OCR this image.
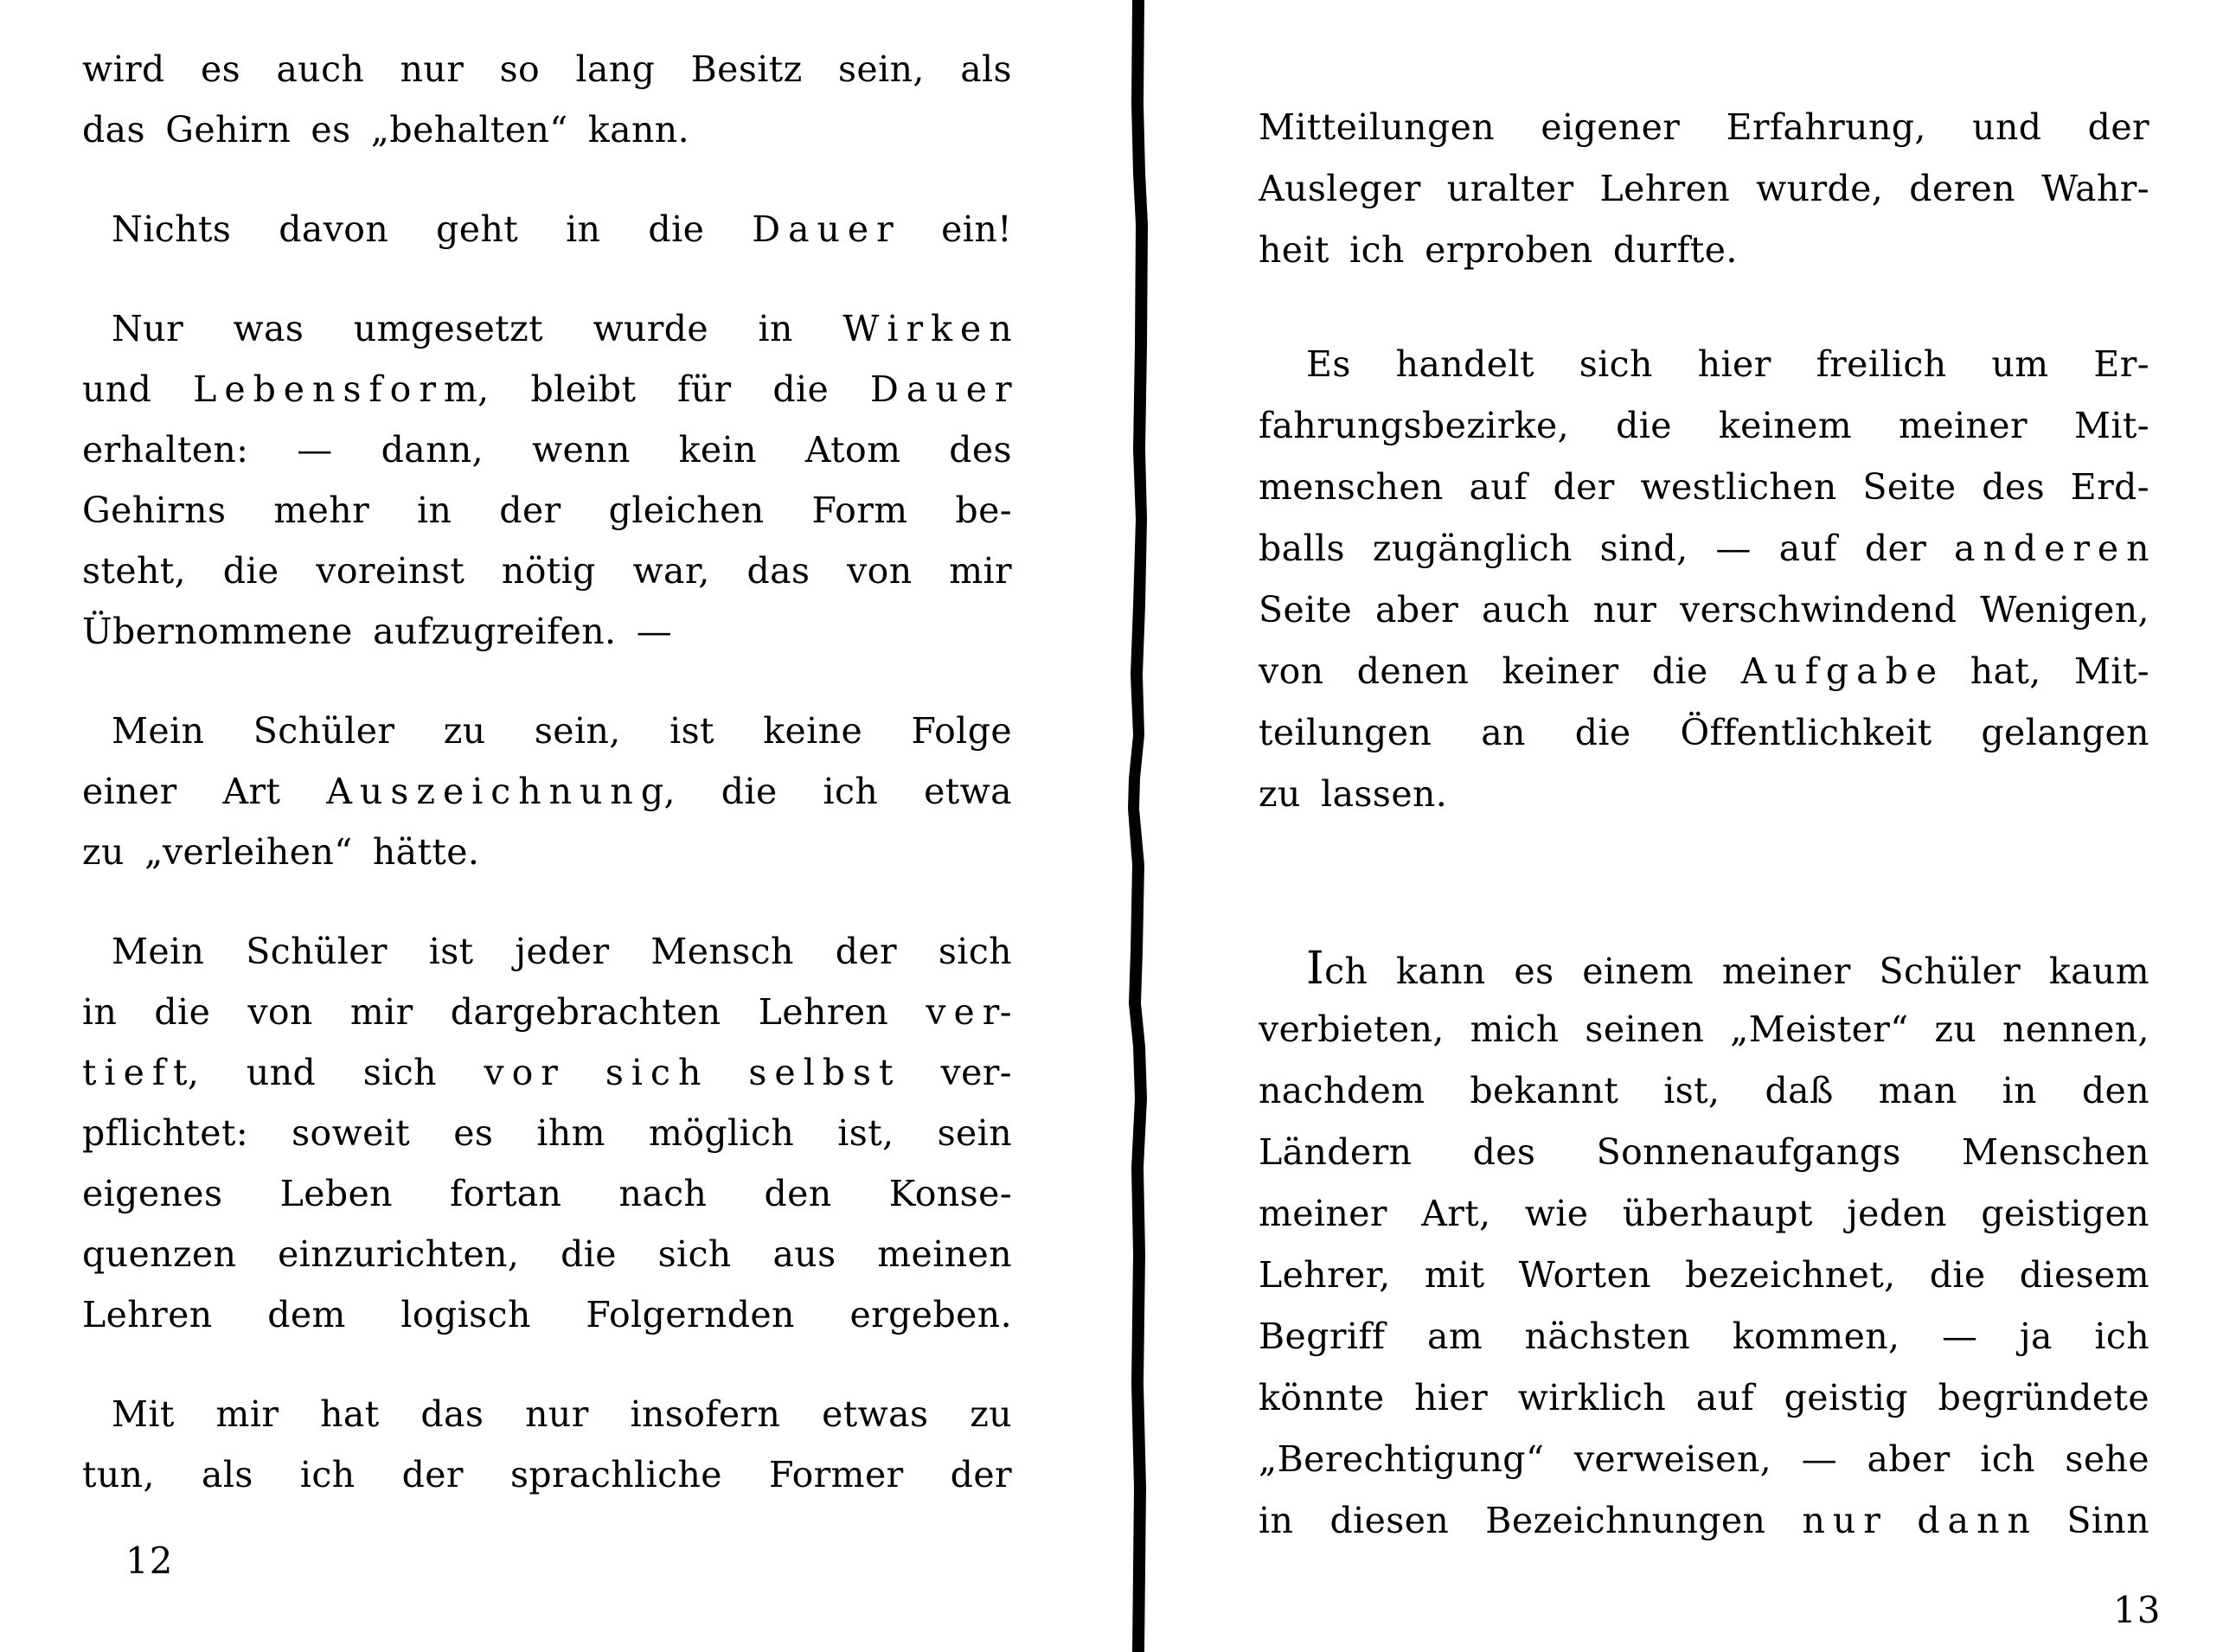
wird es auch nur so lang Besitz sein, als
das Gehirn es „behalten“ kann.
Nichts davon geht in die D a u e r ein!
Nur was umgesetzt wurde in W i r k e n
und L e b e n s f o r m, bleibt für die D a u e r
erhalten: — dann, wenn kein Atom des
Gehirns mehr in der gleichen Form be-
steht, die voreinst nötig war, das von mir
Übernommene aufzugreifen. —
Mein Schüler zu sein, ist keine Folge
einer Art A u s z e i c h n u n g, die ich etwa
zu „verleihen“ hätte.
Mein Schüler ist jeder Mensch der sich
in die von mir dargebrachten Lehren v e r-
t i e f t, und sich v o r s i c h s e l b s t ver-
pflichtet: soweit es ihm möglich ist, sein
eigenes Leben fortan nach den Konse-
quenzen einzurichten, die sich aus meinen
Lehren dem logisch Folgernden ergeben.
Mit mir hat das nur insofern etwas zu
tun, als ich der sprachliche Former der
12
Mitteilungen eigener Erfahrung, und der
Ausleger uralter Lehren wurde, deren Wahr-
heit ich erproben durfte.
Es handelt sich hier freilich um Er-
fahrungsbezirke, die keinem meiner Mit-
menschen auf der westlichen Seite des Erd-
balls zugänglich sind, — auf der a n d e r e n
Seite aber auch nur verschwindend Wenigen,
von denen keiner die A u f g a b e hat, Mit-
teilungen an die Öffentlichkeit gelangen
zu lassen.
Ich kann es einem meiner Schüler kaum
verbieten, mich seinen „Meister“ zu nennen,
nachdem bekannt ist, daß man in den
Ländern des Sonnenaufgangs Menschen
meiner Art, wie überhaupt jeden geistigen
Lehrer, mit Worten bezeichnet, die diesem
Begriff am nächsten kommen, — ja ich
könnte hier wirklich auf geistig begründete
„Berechtigung“ verweisen, — aber ich sehe
in diesen Bezeichnungen n u r d a n n Sinn
13
